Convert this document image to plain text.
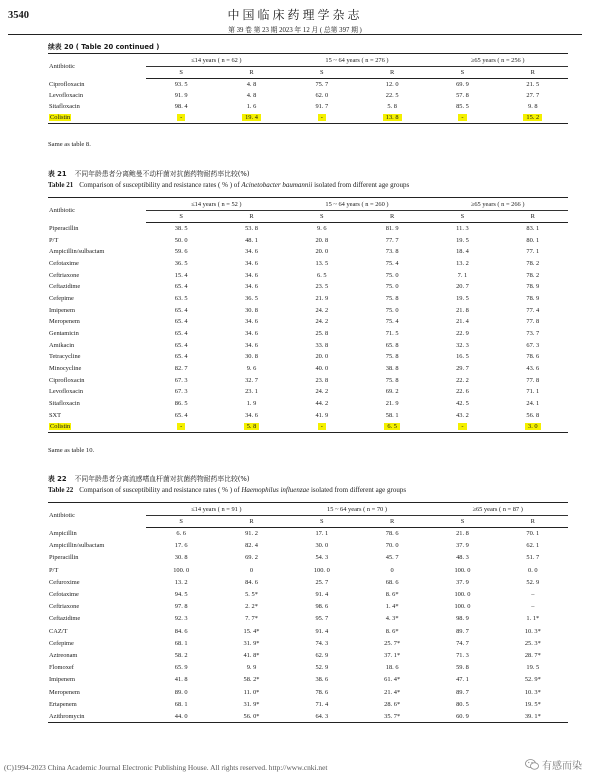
3540	中国临床药理学杂志
第 39 卷 第 23 期 2023 年 12 月 ( 总第 397 期 )
续表 20 ( Table 20 continued )
Antibiotic	≤14 years ( n = 62 )		15 ~ 64 years ( n = 276 )		≥65 years ( n = 256 )	
	S	R	S	R	S	R
Ciprofloxacin	93. 5	4. 8	75. 7	12. 0	69. 9	21. 5
Levofloxacin	91. 9	4. 8	62. 0	22. 5	57. 8	27. 7
Sitafloxacin	98. 4	1. 6	91. 7	5. 8	85. 5	9. 8
Colistin	-	19. 4	-	13. 8	-	15. 2
Same as table 8.
表 21 不同年龄患者分离鲍曼不动杆菌对抗菌药物耐药率比较(%)
Table 21 Comparison of susceptibility and resistance rates ( % ) of Acinetobacter baumannii isolated from different age groups
Antibiotic	≤14 years ( n = 52 )		15 ~ 64 years ( n = 260 )		≥65 years ( n = 266 )	
	S	R	S	R	S	R
Piperacillin	38. 5	53. 8	9. 6	81. 9	11. 3	83. 1
P/T	50. 0	48. 1	20. 8	77. 7	19. 5	80. 1
Ampicillin/sulbactam	59. 6	34. 6	20. 0	73. 8	18. 4	77. 1
Cefotaxime	36. 5	34. 6	13. 5	75. 4	13. 2	78. 2
Ceftriaxone	15. 4	34. 6	6. 5	75. 0	7. 1	78. 2
Ceftazidime	65. 4	34. 6	23. 5	75. 0	20. 7	78. 9
Cefepime	63. 5	36. 5	21. 9	75. 8	19. 5	78. 9
Imipenem	65. 4	30. 8	24. 2	75. 0	21. 8	77. 4
Meropenem	65. 4	34. 6	24. 2	75. 4	21. 4	77. 8
Gentamicin	65. 4	34. 6	25. 8	71. 5	22. 9	73. 7
Amikacin	65. 4	34. 6	33. 8	65. 8	32. 3	67. 3
Tetracycline	65. 4	30. 8	20. 0	75. 8	16. 5	78. 6
Minocycline	82. 7	9. 6	40. 0	38. 8	29. 7	43. 6
Ciprofloxacin	67. 3	32. 7	23. 8	75. 8	22. 2	77. 8
Levofloxacin	67. 3	23. 1	24. 2	69. 2	22. 6	71. 1
Sitafloxacin	86. 5	1. 9	44. 2	21. 9	42. 5	24. 1
SXT	65. 4	34. 6	41. 9	58. 1	43. 2	56. 8
Colistin	-	5. 8	-	6. 5	-	3. 0
Same as table 10.
表 22 不同年龄患者分离流感嗜血杆菌对抗菌药物耐药率比较(%)
Table 22 Comparison of susceptibility and resistance rates ( % ) of Haemophilus influenzae isolated from different age groups
Antibiotic	≤14 years ( n = 91 )		15 ~ 64 years ( n = 70 )		≥65 years ( n = 87 )	
	S	R	S	R	S	R
Ampicillin	6. 6	91. 2	17. 1	78. 6	21. 8	70. 1
Ampicillin/sulbactam	17. 6	82. 4	30. 0	70. 0	37. 9	62. 1
Piperacillin	30. 8	69. 2	54. 3	45. 7	48. 3	51. 7
P/T	100. 0	0	100. 0	0	100. 0	0. 0
Cefuroxime	13. 2	84. 6	25. 7	68. 6	37. 9	52. 9
Cefotaxime	94. 5	5. 5*	91. 4	8. 6*	100. 0	–
Ceftriaxone	97. 8	2. 2*	98. 6	1. 4*	100. 0	–
Ceftazidime	92. 3	7. 7*	95. 7	4. 3*	98. 9	1. 1*
CAZ/T	84. 6	15. 4*	91. 4	8. 6*	89. 7	10. 3*
Cefepime	68. 1	31. 9*	74. 3	25. 7*	74. 7	25. 3*
Aztreonam	58. 2	41. 8*	62. 9	37. 1*	71. 3	28. 7*
Flomoxef	65. 9	9. 9	52. 9	18. 6	59. 8	19. 5
Imipenem	41. 8	58. 2*	38. 6	61. 4*	47. 1	52. 9*
Meropenem	89. 0	11. 0*	78. 6	21. 4*	89. 7	10. 3*
Ertapenem	68. 1	31. 9*	71. 4	28. 6*	80. 5	19. 5*
Azithromycin	44. 0	56. 0*	64. 3	35. 7*	60. 9	39. 1*
(C)1994-2023 China Academic Journal Electronic Publishing House. All rights reserved. http://www.cnki.net	有感而染
